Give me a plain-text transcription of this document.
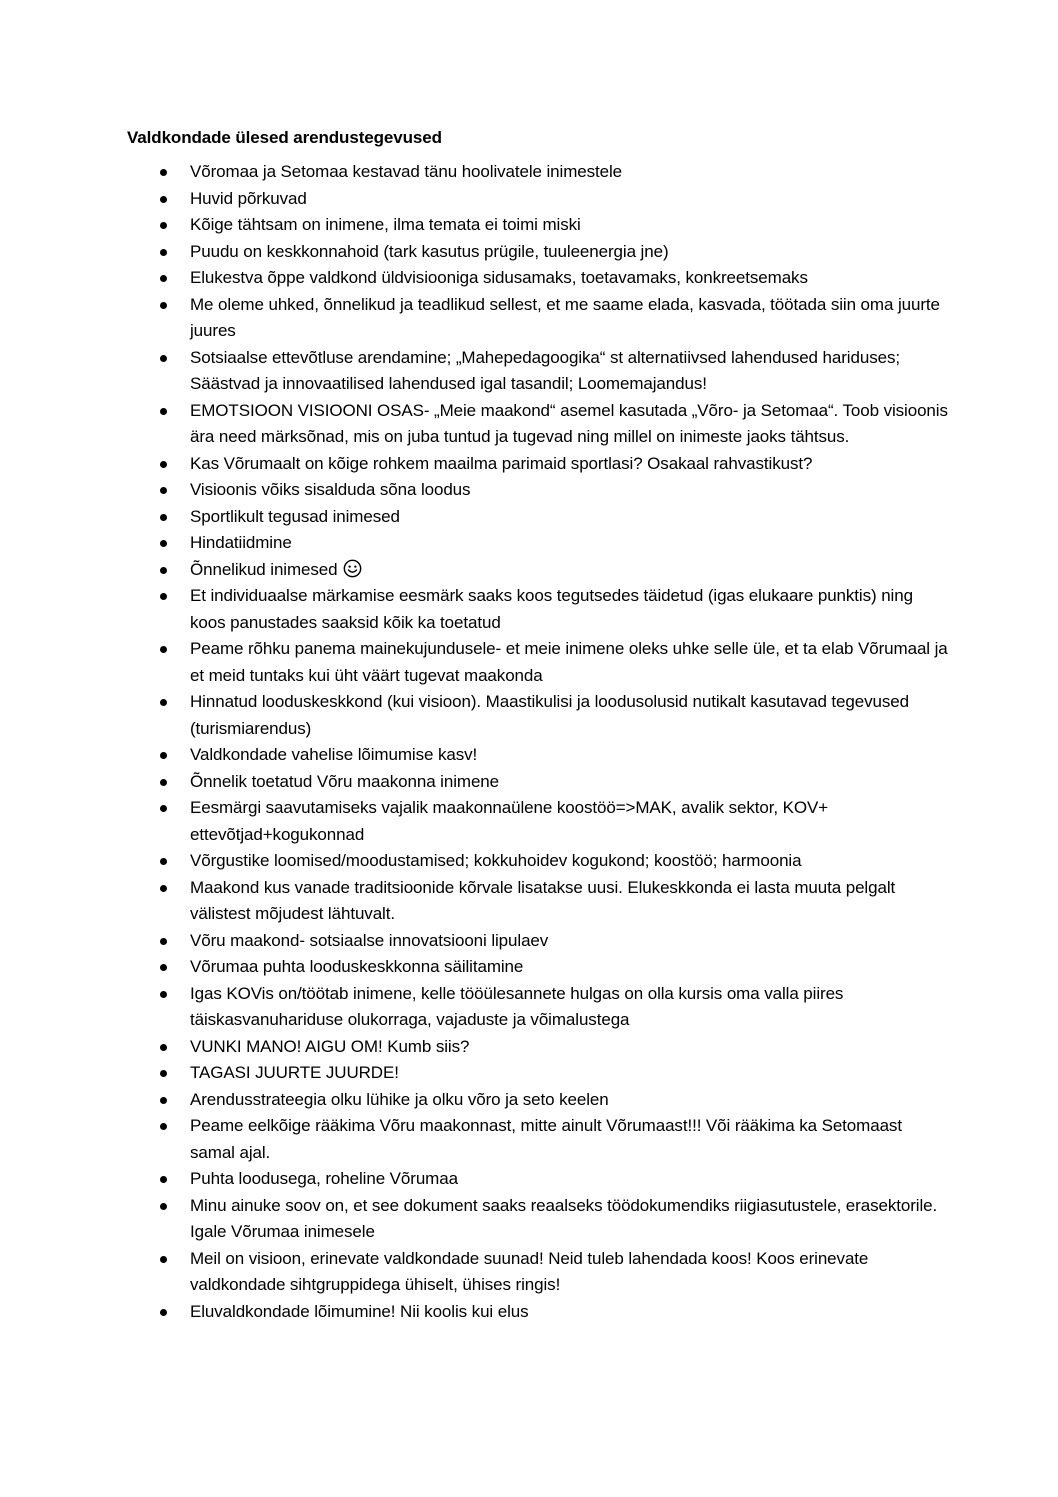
Valdkondade ülesed arendustegevused
Võromaa ja Setomaa kestavad tänu hoolivatele inimestele
Huvid põrkuvad
Kõige tähtsam on inimene, ilma temata ei toimi miski
Puudu on keskkonnahoid (tark kasutus prügile, tuuleenergia jne)
Elukestva õppe valdkond üldvisiooniga sidusamaks, toetavamaks, konkreetsemaks
Me oleme uhked, õnnelikud ja teadlikud sellest, et me saame elada, kasvada, töötada siin oma juurte juures
Sotsiaalse ettevõtluse arendamine; „Mahepedagoogika“ st alternatiivsed lahendused hariduses; Säästvad ja innovaatilised lahendused igal tasandil; Loomemajandus!
EMOTSIOON VISIOONI OSAS- „Meie maakond“ asemel kasutada „Võro- ja Setomaa“. Toob visioonis ära need märksõnad, mis on juba tuntud ja tugevad ning millel on inimeste jaoks tähtsus.
Kas Võrumaalt on kõige rohkem maailma parimaid sportlasi? Osakaal rahvastikust?
Visioonis võiks sisalduda sõna loodus
Sportlikult tegusad inimesed
Hindatiidmine
Õnnelikud inimesed
Et individuaalse märkamise eesmärk saaks koos tegutsedes täidetud (igas elukaare punktis) ning koos panustades saaksid kõik ka toetatud
Peame rõhku panema mainekujundusele- et meie inimene oleks uhke selle üle, et ta elab Võrumaal ja et meid tuntaks kui üht väärt tugevat maakonda
Hinnatud looduskeskkond (kui visioon). Maastikulisi ja loodusolusid nutikalt kasutavad tegevused (turismiarendus)
Valdkondade vahelise lõimumise kasv!
Õnnelik toetatud Võru maakonna inimene
Eesmärgi saavutamiseks vajalik maakonnaülene koostöö=>MAK, avalik sektor, KOV+ ettevõtjad+kogukonnad
Võrgustike loomised/moodustamised; kokkuhoidev kogukond; koostöö; harmoonia
Maakond kus vanade traditsioonide kõrvale lisatakse uusi. Elukeskkonda ei lasta muuta pelgalt välistest mõjudest lähtuvalt.
Võru maakond- sotsiaalse innovatsiooni lipulaev
Võrumaa puhta looduskeskkonna säilitamine
Igas KOVis on/töötab inimene, kelle tööülesannete hulgas on olla kursis oma valla piires täiskasvanuhariduse olukorraga, vajaduste ja võimalustega
VUNKI MANO! AIGU OM! Kumb siis?
TAGASI JUURTE JUURDE!
Arendusstrateegia olku lühike ja olku võro ja seto keelen
Peame eelkõige rääkima Võru maakonnast, mitte ainult Võrumaast!!! Või rääkima ka Setomaast samal ajal.
Puhta loodusega, roheline Võrumaa
Minu ainuke soov on, et see dokument saaks reaalseks töödokumendiks riigiasutustele, erasektorile. Igale Võrumaa inimesele
Meil on visioon, erinevate valdkondade suunad! Neid tuleb lahendada koos! Koos erinevate valdkondade sihtgruppidega ühiselt, ühises ringis!
Eluvaldkondade lõimumine! Nii koolis kui elus
